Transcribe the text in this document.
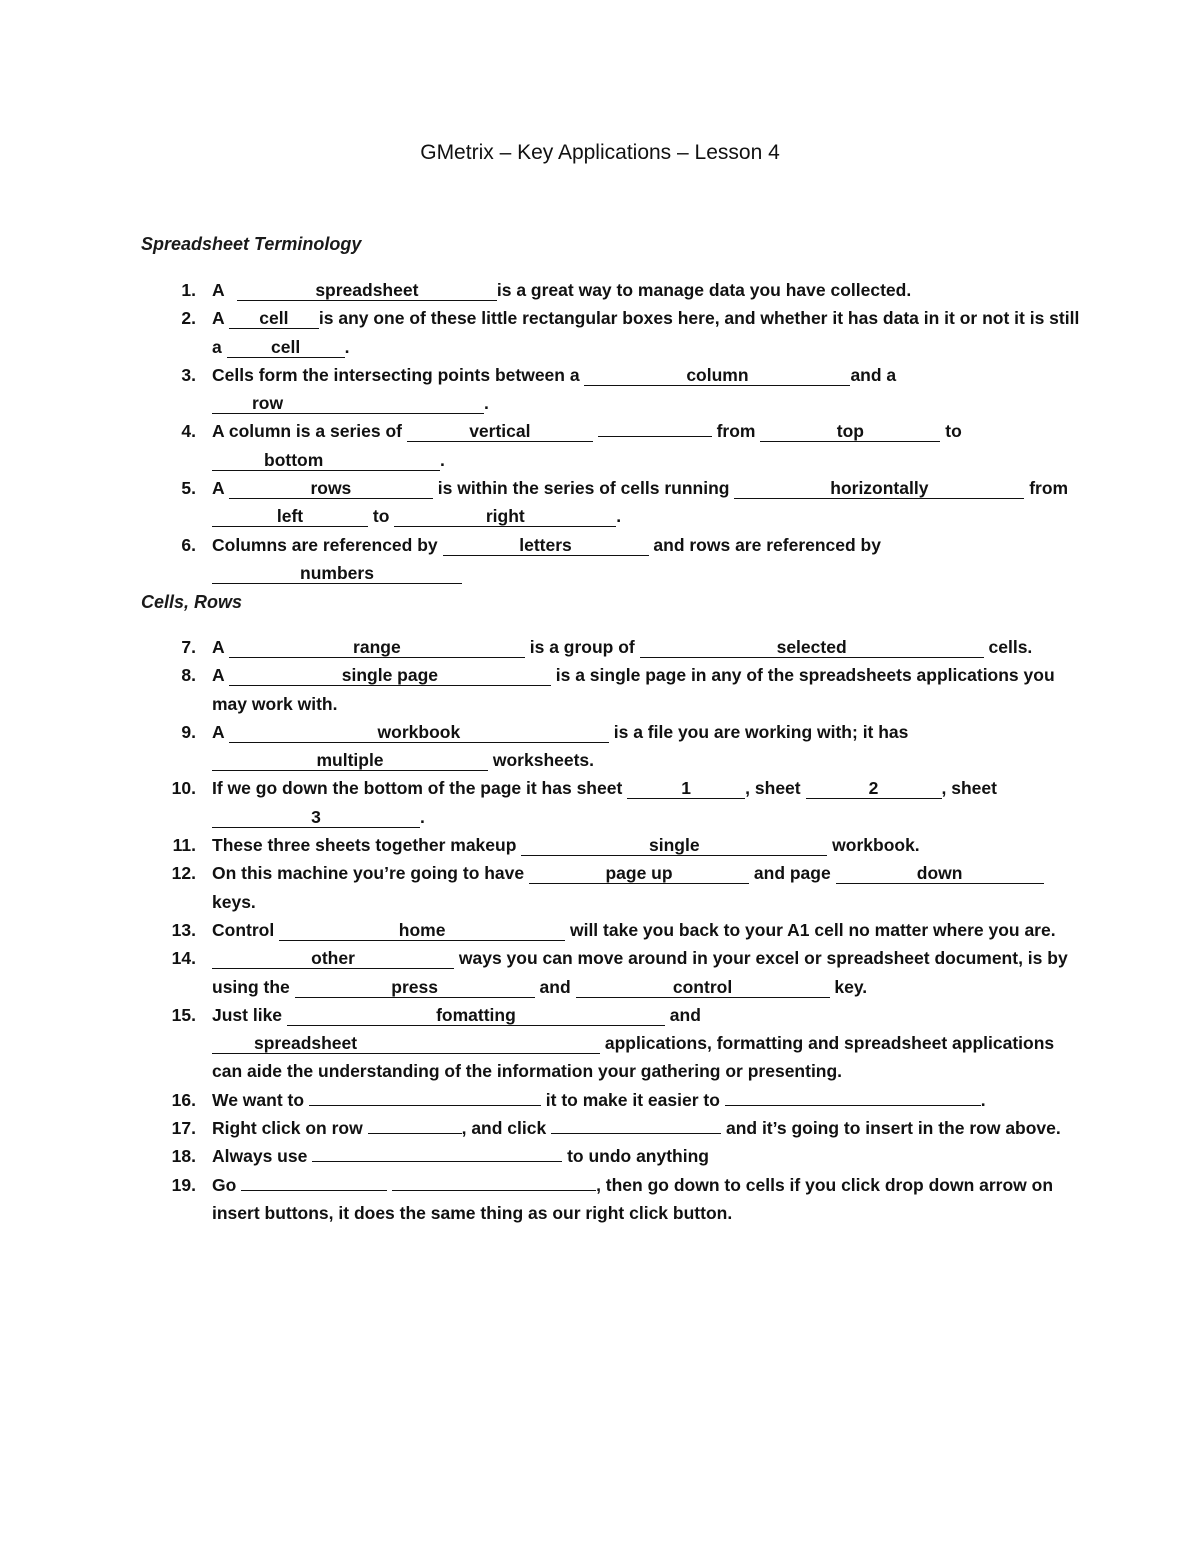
GMetrix – Key Applications – Lesson 4
Spreadsheet Terminology
1. A	spreadsheet	is a great way to manage data you have collected.
2. A cell is any one of these little rectangular boxes here, and whether it has data in it or not it is still a	cell	.
3. Cells form the intersecting points between a	column	and a row	.
4. A column is a series of	vertical	from	top	to bottom	.
5. A	rows	is within the series of cells running	horizontally	from left	to	right	.
6. Columns are referenced by	letters	and rows are referenced by numbers
Cells, Rows
7. A	range	is a group of	selected	cells.
8. A	single page	is a single page in any of the spreadsheets applications you may work with.
9. A	workbook	is a file you are working with; it has multiple	worksheets.
10. If we go down the bottom of the page it has sheet	1	, sheet	2	, sheet 3	.
11. These three sheets together makeup	single	workbook.
12. On this machine you’re going to have	page up	and page	down keys.
13. Control	home	will take you back to your A1 cell no matter where you are.
14.	other	ways you can move around in your excel or spreadsheet document, is by using the	press	and	control	key.
15. Just like	fomatting	and spreadsheet	applications, formatting and spreadsheet applications can aide the understanding of the information your gathering or presenting.
16. We want to	it to make it easier to	.
17. Right click on row	, and click	and it’s going to insert in the row above.
18. Always use	to undo anything
19. Go	, then go down to cells if you click drop down arrow on insert buttons, it does the same thing as our right click button.
